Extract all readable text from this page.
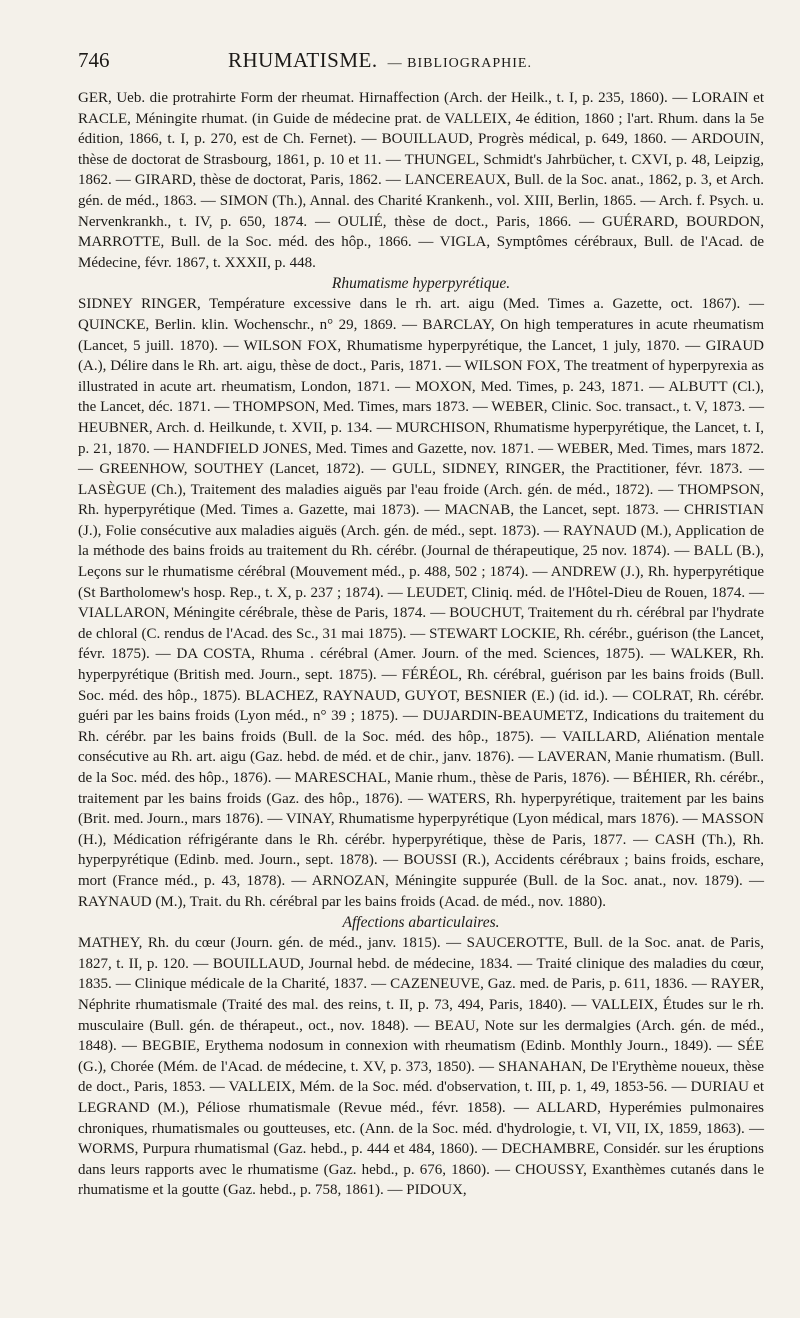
746	RHUMATISME. — BIBLIOGRAPHIE.

GER, Ueb. die protrahirte Form der rheumat. Hirnaffection (Arch. der Heilk., t. I, p. 235, 1860). — LORAIN et RACLE, Méningite rhumat. (in Guide de médecine prat. de VALLEIX, 4e édition, 1860 ; l'art. Rhum. dans la 5e édition, 1866, t. I, p. 270, est de Ch. Fernet). — BOUILLAUD, Progrès médical, p. 649, 1860. — ARDOUIN, thèse de doctorat de Strasbourg, 1861, p. 10 et 11. — THUNGEL, Schmidt's Jahrbücher, t. CXVI, p. 48, Leipzig, 1862. — GIRARD, thèse de doctorat, Paris, 1862. — LANCEREAUX, Bull. de la Soc. anat., 1862, p. 3, et Arch. gén. de méd., 1863. — SIMON (Th.), Annal. des Charité Krankenh., vol. XIII, Berlin, 1865. — Arch. f. Psych. u. Nervenkrankh., t. IV, p. 650, 1874. — OULIÉ, thèse de doct., Paris, 1866. — GUÉRARD, BOURDON, MARROTTE, Bull. de la Soc. méd. des hôp., 1866. — VIGLA, Symptômes cérébraux, Bull. de l'Acad. de Médecine, févr. 1867, t. XXXII, p. 448.

Rhumatisme hyperpyrétique.

SIDNEY RINGER, Température excessive dans le rh. art. aigu (Med. Times a. Gazette, oct. 1867). — QUINCKE, Berlin. klin. Wochenschr., n° 29, 1869. — BARCLAY, On high temperatures in acute rheumatism (Lancet, 5 juill. 1870). — WILSON FOX, Rhumatisme hyperpyrétique, the Lancet, 1 july, 1870. — GIRAUD (A.), Délire dans le Rh. art. aigu, thèse de doct., Paris, 1871. — WILSON FOX, The treatment of hyperpyrexia as illustrated in acute art. rheumatism, London, 1871. — MOXON, Med. Times, p. 243, 1871. — ALBUTT (Cl.), the Lancet, déc. 1871. — THOMPSON, Med. Times, mars 1873. — WEBER, Clinic. Soc. transact., t. V, 1873. — HEUBNER, Arch. d. Heilkunde, t. XVII, p. 134. — MURCHISON, Rhumatisme hyperpyrétique, the Lancet, t. I, p. 21, 1870. — HANDFIELD JONES, Med. Times and Gazette, nov. 1871. — WEBER, Med. Times, mars 1872. — GREENHOW, SOUTHEY (Lancet, 1872). — GULL, SIDNEY, RINGER, the Practitioner, févr. 1873. — LASÈGUE (Ch.), Traitement des maladies aiguës par l'eau froide (Arch. gén. de méd., 1872). — THOMPSON, Rh. hyperpyrétique (Med. Times a. Gazette, mai 1873). — MACNAB, the Lancet, sept. 1873. — CHRISTIAN (J.), Folie consécutive aux maladies aiguës (Arch. gén. de méd., sept. 1873). — RAYNAUD (M.), Application de la méthode des bains froids au traitement du Rh. cérébr. (Journal de thérapeutique, 25 nov. 1874). — BALL (B.), Leçons sur le rhumatisme cérébral (Mouvement méd., p. 488, 502 ; 1874). — ANDREW (J.), Rh. hyperpyrétique (St Bartholomew's hosp. Rep., t. X, p. 237 ; 1874). — LEUDET, Cliniq. méd. de l'Hôtel-Dieu de Rouen, 1874. — VIALLARON, Méningite cérébrale, thèse de Paris, 1874. — BOUCHUT, Traitement du rh. cérébral par l'hydrate de chloral (C. rendus de l'Acad. des Sc., 31 mai 1875). — STEWART LOCKIE, Rh. cérébr., guérison (the Lancet, févr. 1875). — DA COSTA, Rhuma . cérébral (Amer. Journ. of the med. Sciences, 1875). — WALKER, Rh. hyperpyrétique (British med. Journ., sept. 1875). — FÉRÉOL, Rh. cérébral, guérison par les bains froids (Bull. Soc. méd. des hôp., 1875). BLACHEZ, RAYNAUD, GUYOT, BESNIER (E.) (id. id.). — COLRAT, Rh. cérébr. guéri par les bains froids (Lyon méd., n° 39 ; 1875). — DUJARDIN-BEAUMETZ, Indications du traitement du Rh. cérébr. par les bains froids (Bull. de la Soc. méd. des hôp., 1875). — VAILLARD, Aliénation mentale consécutive au Rh. art. aigu (Gaz. hebd. de méd. et de chir., janv. 1876). — LAVERAN, Manie rhumatism. (Bull. de la Soc. méd. des hôp., 1876). — MARESCHAL, Manie rhum., thèse de Paris, 1876). — BÉHIER, Rh. cérébr., traitement par les bains froids (Gaz. des hôp., 1876). — WATERS, Rh. hyperpyrétique, traitement par les bains (Brit. med. Journ., mars 1876). — VINAY, Rhumatisme hyperpyrétique (Lyon médical, mars 1876). — MASSON (H.), Médication réfrigérante dans le Rh. cérébr. hyperpyrétique, thèse de Paris, 1877. — CASH (Th.), Rh. hyperpyrétique (Edinb. med. Journ., sept. 1878). — BOUSSI (R.), Accidents cérébraux ; bains froids, eschare, mort (France méd., p. 43, 1878). — ARNOZAN, Méningite suppurée (Bull. de la Soc. anat., nov. 1879). — RAYNAUD (M.), Trait. du Rh. cérébral par les bains froids (Acad. de méd., nov. 1880).

Affections abarticulaires.

MATHEY, Rh. du cœur (Journ. gén. de méd., janv. 1815). — SAUCEROTTE, Bull. de la Soc. anat. de Paris, 1827, t. II, p. 120. — BOUILLAUD, Journal hebd. de médecine, 1834. — Traité clinique des maladies du cœur, 1835. — Clinique médicale de la Charité, 1837. — CAZENEUVE, Gaz. med. de Paris, p. 611, 1836. — RAYER, Néphrite rhumatismale (Traité des mal. des reins, t. II, p. 73, 494, Paris, 1840). — VALLEIX, Études sur le rh. musculaire (Bull. gén. de thérapeut., oct., nov. 1848). — BEAU, Note sur les dermalgies (Arch. gén. de méd., 1848). — BEGBIE, Erythema nodosum in connexion with rheumatism (Edinb. Monthly Journ., 1849). — SÉE (G.), Chorée (Mém. de l'Acad. de médecine, t. XV, p. 373, 1850). — SHANAHAN, De l'Erythème noueux, thèse de doct., Paris, 1853. — VALLEIX, Mém. de la Soc. méd. d'observation, t. III, p. 1, 49, 1853-56. — DURIAU et LEGRAND (M.), Péliose rhumatismale (Revue méd., févr. 1858). — ALLARD, Hyperémies pulmonaires chroniques, rhumatismales ou goutteuses, etc. (Ann. de la Soc. méd. d'hydrologie, t. VI, VII, IX, 1859, 1863). — WORMS, Purpura rhumatismal (Gaz. hebd., p. 444 et 484, 1860). — DECHAMBRE, Considér. sur les éruptions dans leurs rapports avec le rhumatisme (Gaz. hebd., p. 676, 1860). — CHOUSSY, Exanthèmes cutanés dans le rhumatisme et la goutte (Gaz. hebd., p. 758, 1861). — PIDOUX,
